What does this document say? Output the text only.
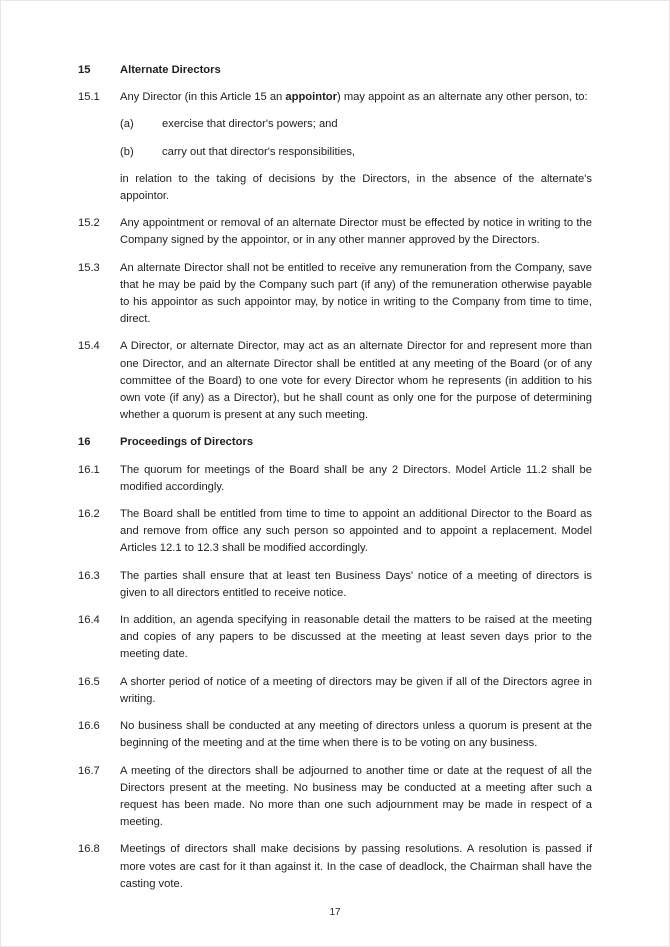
15	Alternate Directors
15.1	Any Director (in this Article 15 an appointor) may appoint as an alternate any other person, to:

(a)	exercise that director's powers; and
(b)	carry out that director's responsibilities,

in relation to the taking of decisions by the Directors, in the absence of the alternate's appointor.

15.2	Any appointment or removal of an alternate Director must be effected by notice in writing to the Company signed by the appointor, or in any other manner approved by the Directors.
15.3	An alternate Director shall not be entitled to receive any remuneration from the Company, save that he may be paid by the Company such part (if any) of the remuneration otherwise payable to his appointor as such appointor may, by notice in writing to the Company from time to time, direct.
15.4	A Director, or alternate Director, may act as an alternate Director for and represent more than one Director, and an alternate Director shall be entitled at any meeting of the Board (or of any committee of the Board) to one vote for every Director whom he represents (in addition to his own vote (if any) as a Director), but he shall count as only one for the purpose of determining whether a quorum is present at any such meeting.
16	Proceedings of Directors
16.1	The quorum for meetings of the Board shall be any 2 Directors. Model Article 11.2 shall be modified accordingly.
16.2	The Board shall be entitled from time to time to appoint an additional Director to the Board as and remove from office any such person so appointed and to appoint a replacement. Model Articles 12.1 to 12.3 shall be modified accordingly.
16.3	The parties shall ensure that at least ten Business Days' notice of a meeting of directors is given to all directors entitled to receive notice.
16.4	In addition, an agenda specifying in reasonable detail the matters to be raised at the meeting and copies of any papers to be discussed at the meeting at least seven days prior to the meeting date.
16.5	A shorter period of notice of a meeting of directors may be given if all of the Directors agree in writing.
16.6	No business shall be conducted at any meeting of directors unless a quorum is present at the beginning of the meeting and at the time when there is to be voting on any business.
16.7	A meeting of the directors shall be adjourned to another time or date at the request of all the Directors present at the meeting. No business may be conducted at a meeting after such a request has been made. No more than one such adjournment may be made in respect of a meeting.
16.8	Meetings of directors shall make decisions by passing resolutions. A resolution is passed if more votes are cast for it than against it. In the case of deadlock, the Chairman shall have the casting vote.
17
